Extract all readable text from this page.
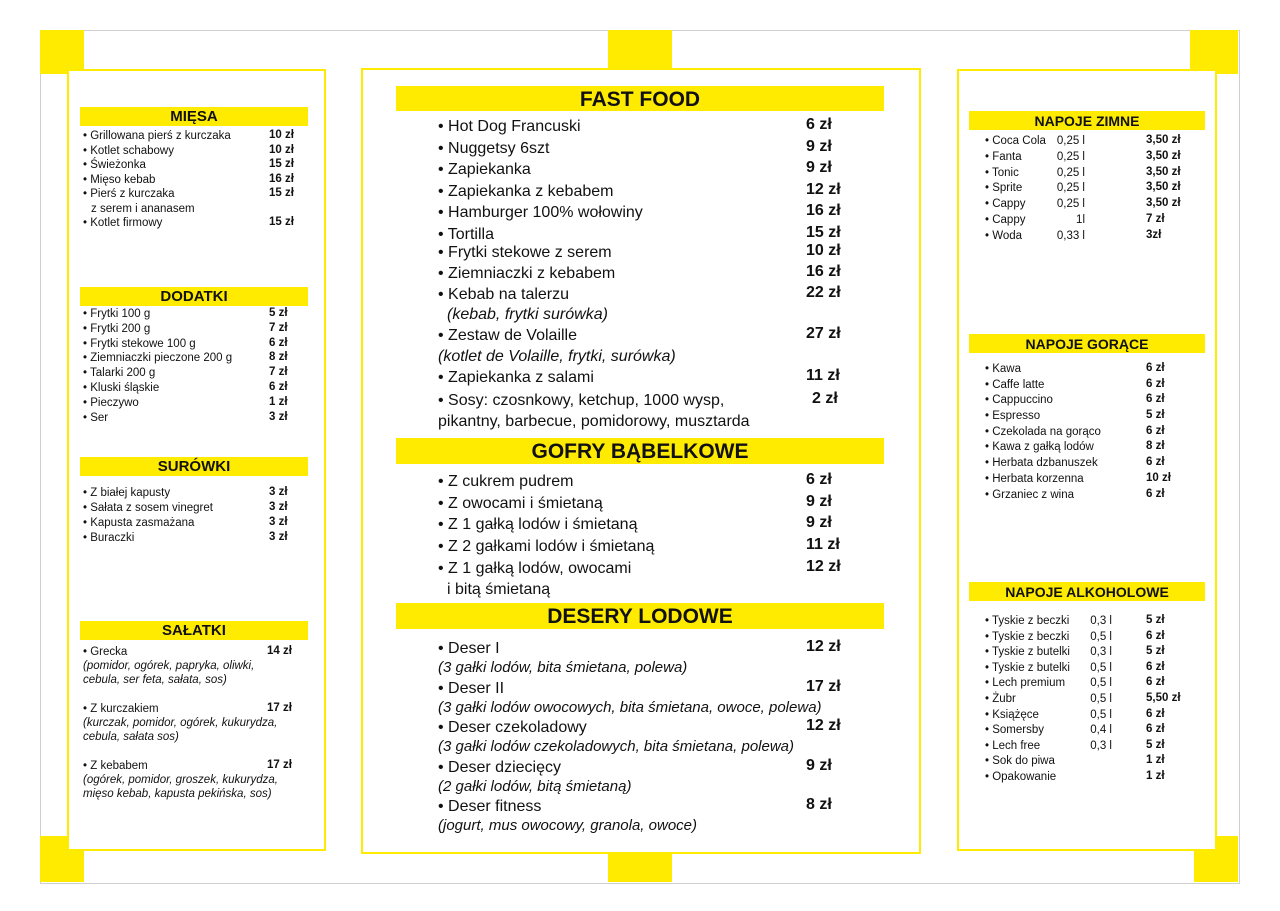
MIĘSA
• Grillowana pierś z kurczaka	10 zł
• Kotlet schabowy	10 zł
• Świeżonka	15 zł
• Mięso kebab	16 zł
• Pierś z kurczaka	15 zł
z serem i ananasem
• Kotlet firmowy	15 zł
DODATKI
• Frytki 100 g	5 zł
• Frytki 200 g	7 zł
• Frytki stekowe 100 g	6 zł
• Ziemniaczki pieczone 200 g	8 zł
• Talarki 200 g	7 zł
• Kluski śląskie	6 zł
• Pieczywo	1 zł
• Ser	3 zł
SURÓWKI
• Z białej kapusty	3 zł
• Sałata z sosem vinegret	3 zł
• Kapusta zasmażana	3 zł
• Buraczki	3 zł
SAŁATKI
• Grecka	14 zł
(pomidor, ogórek, papryka, oliwki,
cebula, ser feta, sałata, sos)
• Z kurczakiem	17 zł
(kurczak, pomidor, ogórek, kukurydza,
cebula, sałata sos)
• Z kebabem	17 zł
(ogórek, pomidor, groszek, kukurydza,
mięso kebab, kapusta pekińska, sos)
FAST FOOD
• Hot Dog Francuski	6 zł
• Nuggetsy 6szt	9 zł
• Zapiekanka	9 zł
• Zapiekanka z kebabem	12 zł
• Hamburger 100% wołowiny	16 zł
• Tortilla	15 zł
• Frytki stekowe z serem	10 zł
• Ziemniaczki z kebabem	16 zł
• Kebab na talerzu	22 zł
(kebab, frytki surówka)
• Zestaw de Volaille	27 zł
(kotlet de Volaille, frytki, surówka)
• Zapiekanka z salami	11 zł
• Sosy: czosnkowy, ketchup, 1000 wysp,	2 zł
pikantny, barbecue, pomidorowy, musztarda
GOFRY BĄBELKOWE
• Z cukrem pudrem	6 zł
• Z owocami i śmietaną	9 zł
• Z 1 gałką lodów i śmietaną	9 zł
• Z 2 gałkami lodów i śmietaną	11 zł
• Z 1 gałką lodów, owocami	12 zł
i bitą śmietaną
DESERY LODOWE
• Deser I	12 zł
(3 gałki lodów, bita śmietana, polewa)
• Deser II	17 zł
(3 gałki lodów owocowych, bita śmietana, owoce, polewa)
• Deser czekoladowy	12 zł
(3 gałki lodów czekoladowych, bita śmietana, polewa)
• Deser dziecięcy	9 zł
(2 gałki lodów, bitą śmietaną)
• Deser fitness	8 zł
(jogurt, mus owocowy, granola, owoce)
NAPOJE ZIMNE
• Coca Cola 0,25 l	3,50 zł
• Fanta	0,25 l	3,50 zł
• Tonic	0,25 l	3,50 zł
• Sprite	0,25 l	3,50 zł
• Cappy	0,25 l	3,50 zł
• Cappy	1l	7 zł
• Woda	0,33 l	3zł
NAPOJE GORĄCE
• Kawa	6 zł
• Caffe latte	6 zł
• Cappuccino	6 zł
• Espresso	5 zł
• Czekolada na gorąco	6 zł
• Kawa z gałką lodów	8 zł
• Herbata dzbanuszek	6 zł
• Herbata korzenna	10 zł
• Grzaniec z wina	6 zł
NAPOJE ALKOHOLOWE
• Tyskie z beczki 0,3 l	5 zł
• Tyskie z beczki 0,5 l	6 zł
• Tyskie z butelki 0,3 l	5 zł
• Tyskie z butelki 0,5 l	6 zł
• Lech premium 0,5 l	6 zł
• Żubr	0,5 l	5,50 zł
• Książęce	0,5 l	6 zł
• Somersby	0,4 l	6 zł
• Lech free	0,3 l	5 zł
• Sok do piwa	1 zł
• Opakowanie	1 zł
